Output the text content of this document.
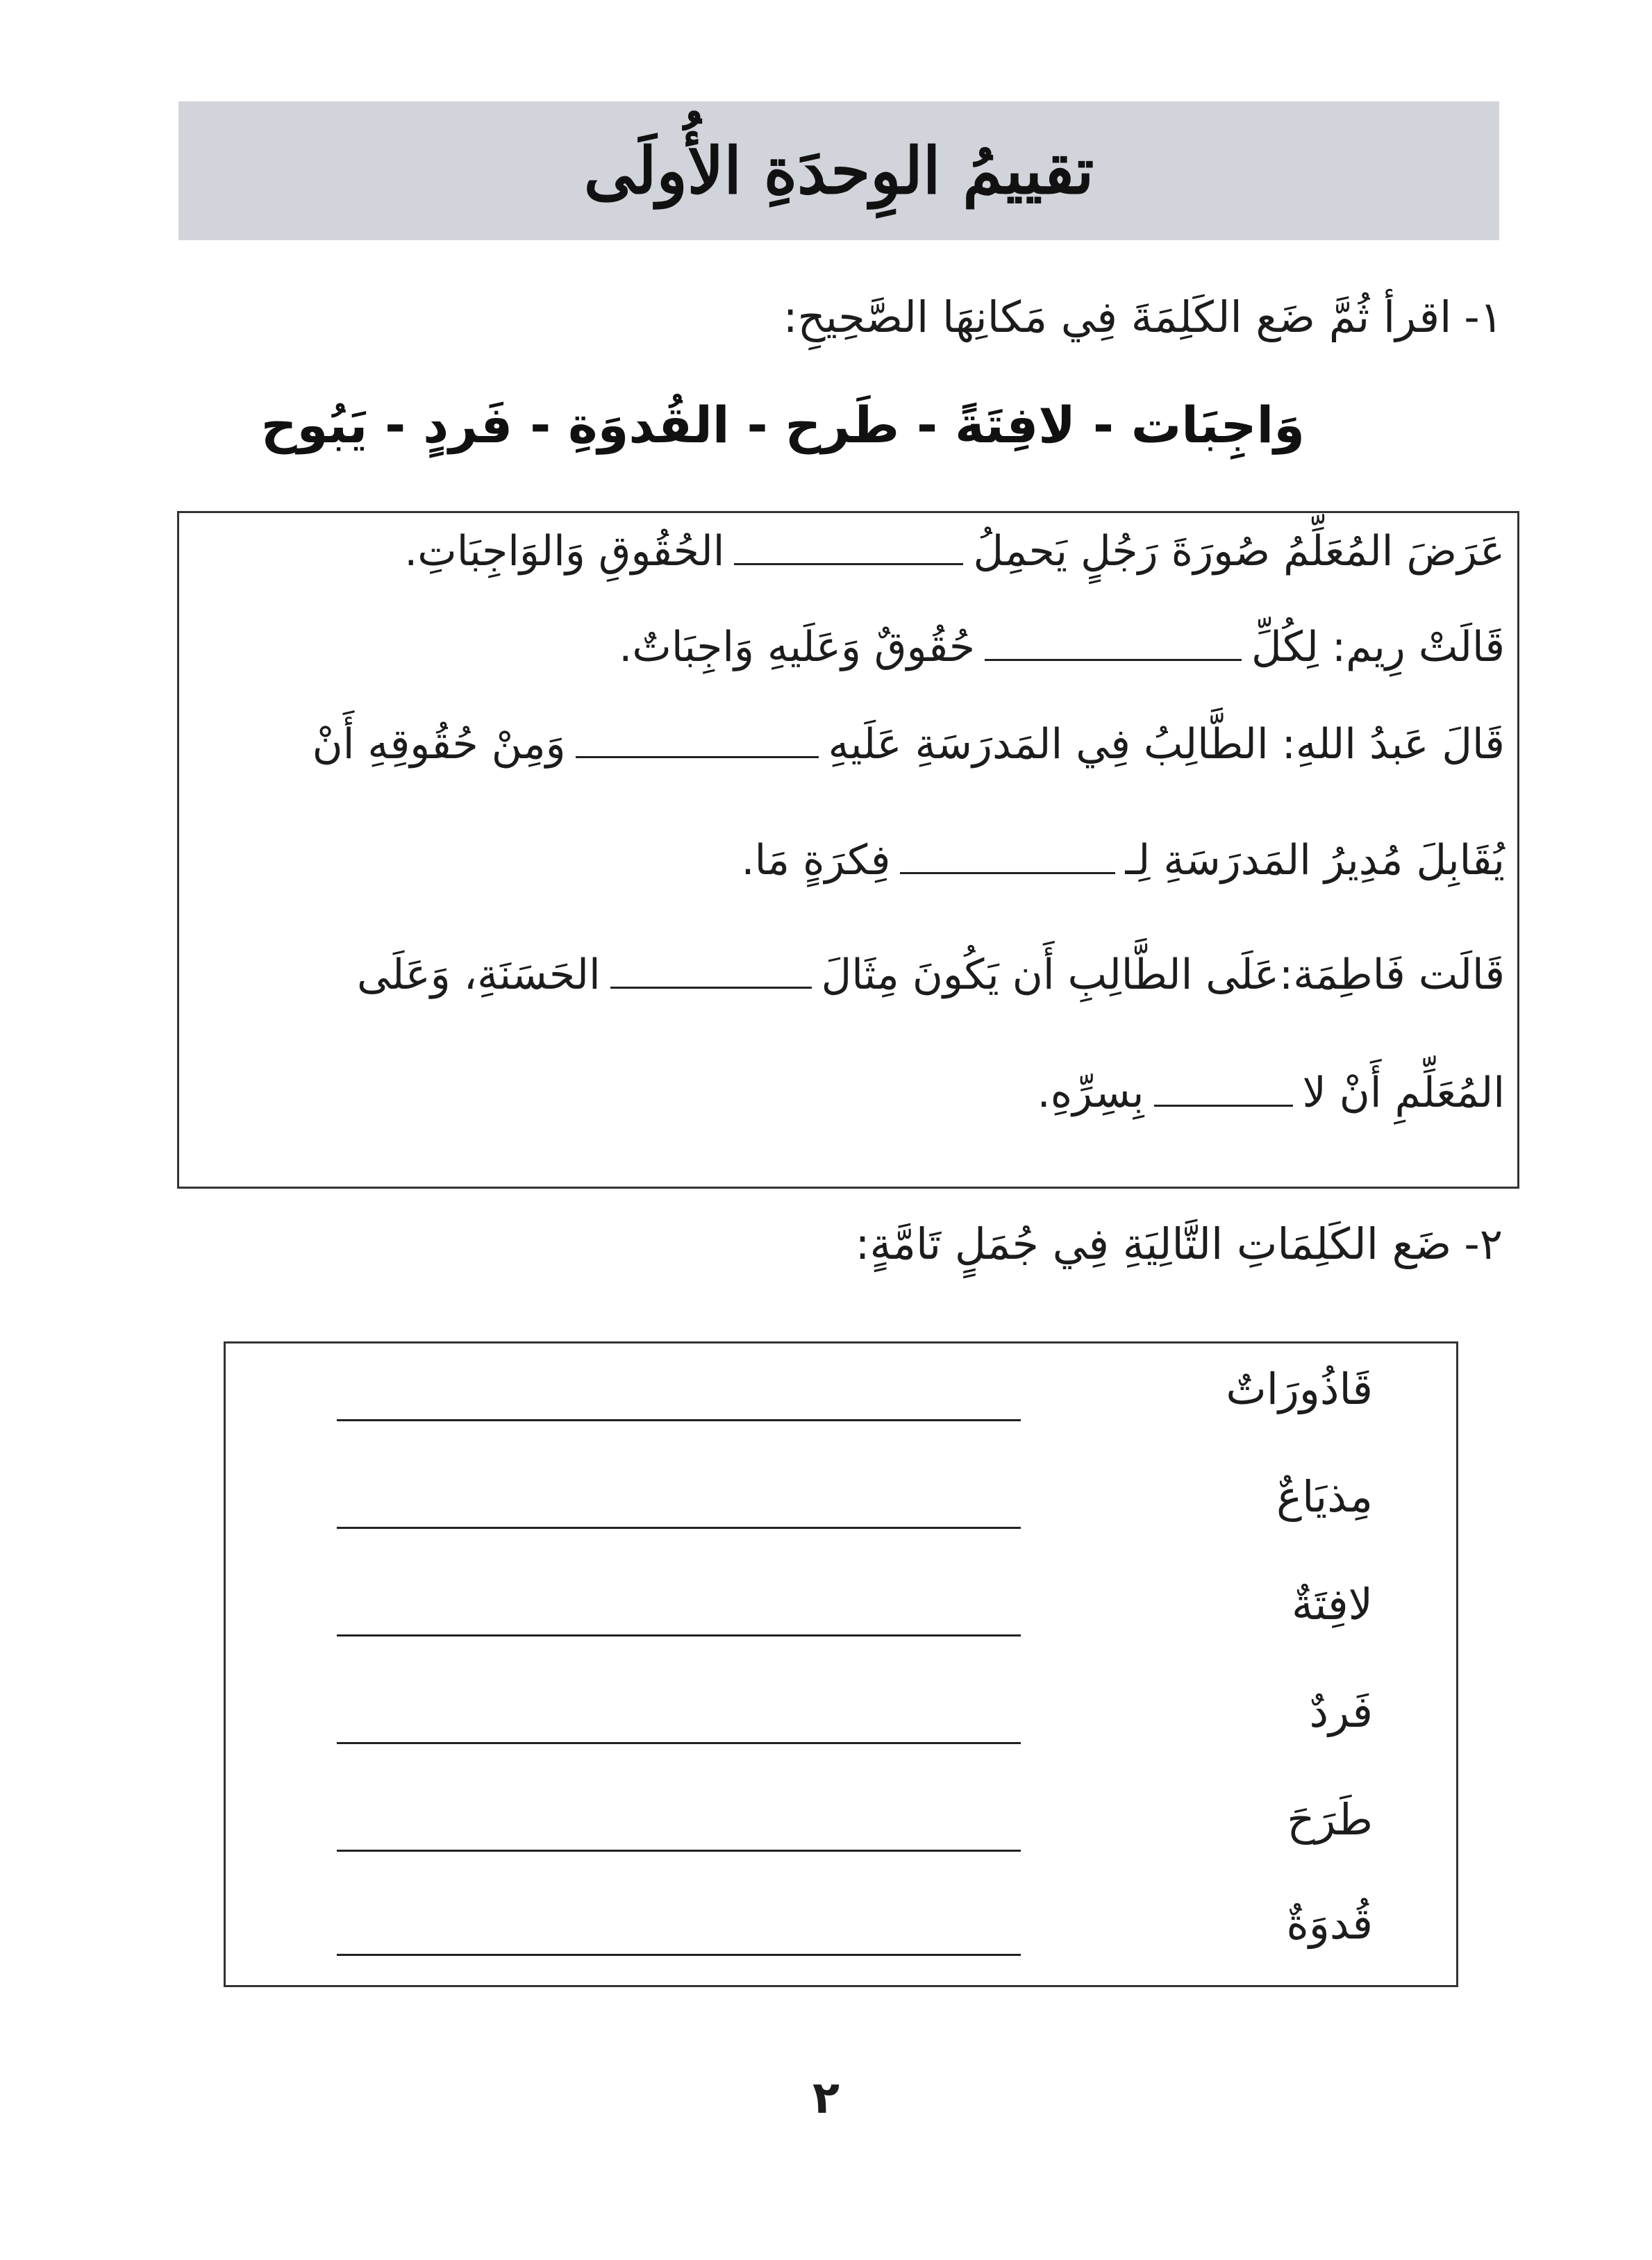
تقييمُ الوِحدَةِ الأُولَى
١-اقرأ ثُمَّ ضَع الكَلِمَةَ فِي مَكانِهَا الصَّحِيحِ:
وَاجِبَات - لافِتَةً - طَرح - القُدوَةِ - فَردٍ - يَبُوح
عَرَضَ المُعَلِّمُ صُورَةَ رَجُلٍ يَحمِلُالحُقُوقِ وَالوَاجِبَاتِ.
قَالَتْ رِيم: لِكُلِّحُقُوقٌ وَعَلَيهِ وَاجِبَاتٌ.
قَالَ عَبدُ اللهِ: الطَّالِبُ فِي المَدرَسَةِ عَلَيهِوَمِنْ حُقُوقِهِ أَنْ
يُقَابِلَ مُدِيرُ المَدرَسَةِ لِـفِكرَةٍ مَا.
قَالَت فَاطِمَة:عَلَى الطَّالِبِ أَن يَكُونَ مِثَالَالحَسَنَةِ، وَعَلَى
المُعَلِّمِ أَنْ لابِسِرِّهِ.
٢-ضَع الكَلِمَاتِ التَّالِيَةِ فِي جُمَلٍ تَامَّةٍ:
قَاذُورَاتٌ
مِذيَاعٌ
لافِتَةٌ
فَردٌ
طَرَحَ
قُدوَةٌ
٢
